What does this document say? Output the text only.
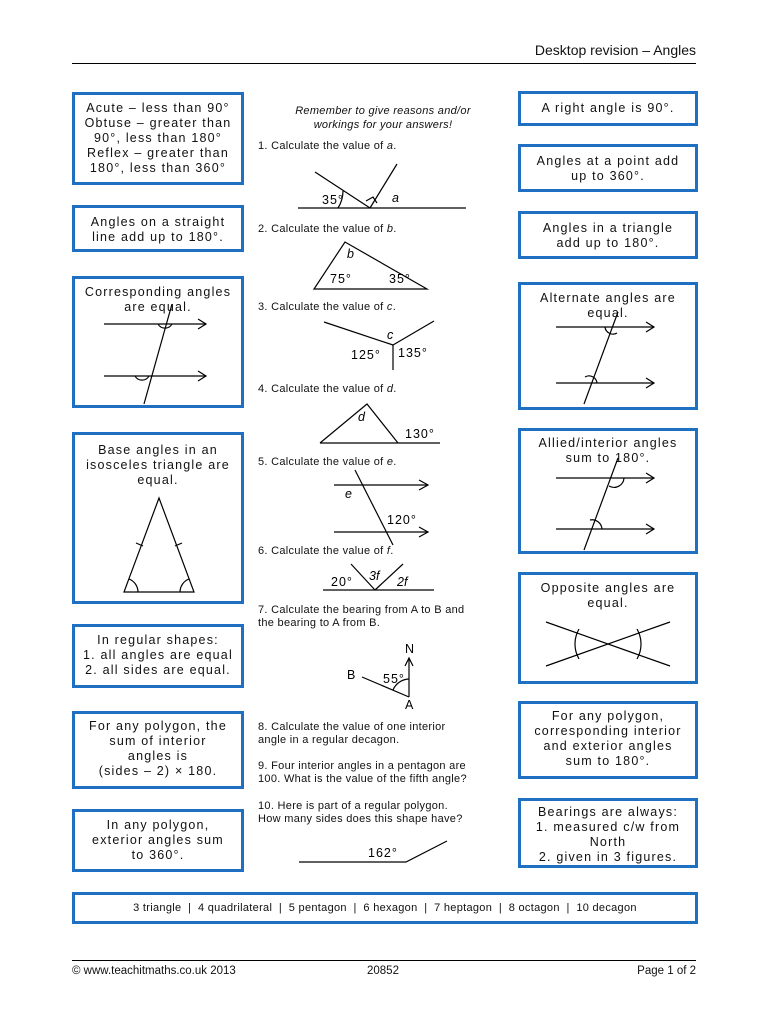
Desktop revision – Angles
Acute – less than 90°
Obtuse – greater than
90°, less than 180°
Reflex – greater than
180°, less than 360°
Angles on a straight
line add up to 180°.
Corresponding angles
are equal.
Base angles in an
isosceles triangle are
equal.
In regular shapes:
1. all angles are equal
2. all sides are equal.
For any polygon, the
sum of interior
angles is
(sides – 2) × 180.
In any polygon,
exterior angles sum
to 360°.
A right angle is 90°.
Angles at a point add
up to 360°.
Angles in a triangle
add up to 180°.
Alternate angles are
equal.
Allied/interior angles
sum to 180°.
Opposite angles are
equal.
For any polygon,
corresponding interior
and exterior angles
sum to 180°.
Bearings are always:
1. measured c/w from
North
2. given in 3 figures.
Remember to give reasons and/or
workings for your answers!
1. Calculate the value of a.
35°	a
2. Calculate the value of b.
b
75°	35°
3. Calculate the value of c.
c
125° 135°
4. Calculate the value of d.
d
130°
5. Calculate the value of e.
e
120°
6. Calculate the value of f.
20° 3f 2f
7. Calculate the bearing from A to B and
the bearing to A from B.
N
B 55°
A
8. Calculate the value of one interior
angle in a regular decagon.
9. Four interior angles in a pentagon are
100. What is the value of the fifth angle?
10. Here is part of a regular polygon.
How many sides does this shape have?
162°
3 triangle  |  4 quadrilateral  |  5 pentagon  |  6 hexagon  |  7 heptagon  |  8 octagon  |  10 decagon
© www.teachitmaths.co.uk 2013	20852	Page 1 of 2
